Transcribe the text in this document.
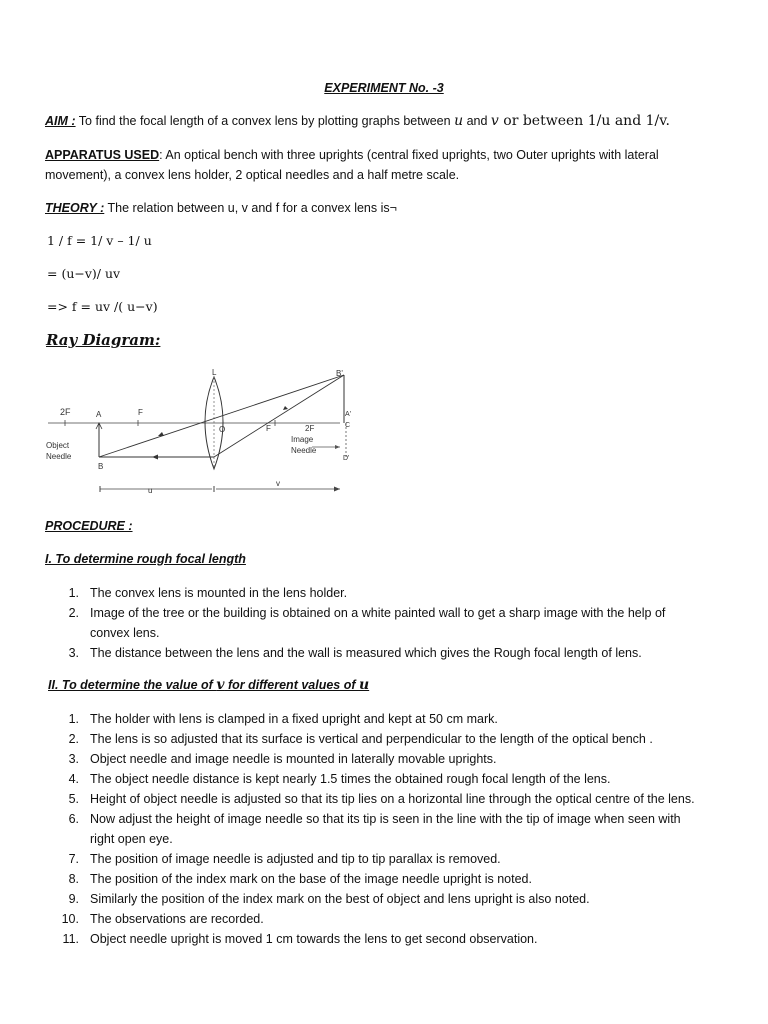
EXPERIMENT No. -3
AIM : To find the focal length of a convex lens by plotting graphs between u and v or between 1/u and 1/v.
APPARATUS USED: An optical bench with three uprights (central fixed uprights, two Outer uprights with lateral
movement), a convex lens holder, 2 optical needles and a half metre scale.
THEORY : The relation between u, v and f for a convex lens is¬
1 / f = 1/ v – 1/ u
= (u−v)/ uv
=> f = uv /( u−v)
Ray Diagram:
2F	A	F
L	B'
O	F	2F
A'
C
Object
Needle
B
Image
Needle
D'
u
v
PROCEDURE :
I. To determine rough focal length
1. The convex lens is mounted in the lens holder.
2. Image of the tree or the building is obtained on a white painted wall to get a sharp image with the help of
convex lens.
3. The distance between the lens and the wall is measured which gives the Rough focal length of lens.
II. To determine the value of v for different values of u
1. The holder with lens is clamped in a fixed upright and kept at 50 cm mark.
2. The lens is so adjusted that its surface is vertical and perpendicular to the length of the optical bench .
3. Object needle and image needle is mounted in laterally movable uprights.
4. The object needle distance is kept nearly 1.5 times the obtained rough focal length of the lens.
5. Height of object needle is adjusted so that its tip lies on a horizontal line through the optical centre of the lens.
6. Now adjust the height of image needle so that its tip is seen in the line with the tip of image when seen with
right open eye.
7. The position of image needle is adjusted and tip to tip parallax is removed.
8. The position of the index mark on the base of the image needle upright is noted.
9. Similarly the position of the index mark on the best of object and lens upright is also noted.
10. The observations are recorded.
11. Object needle upright is moved 1 cm towards the lens to get second observation.
